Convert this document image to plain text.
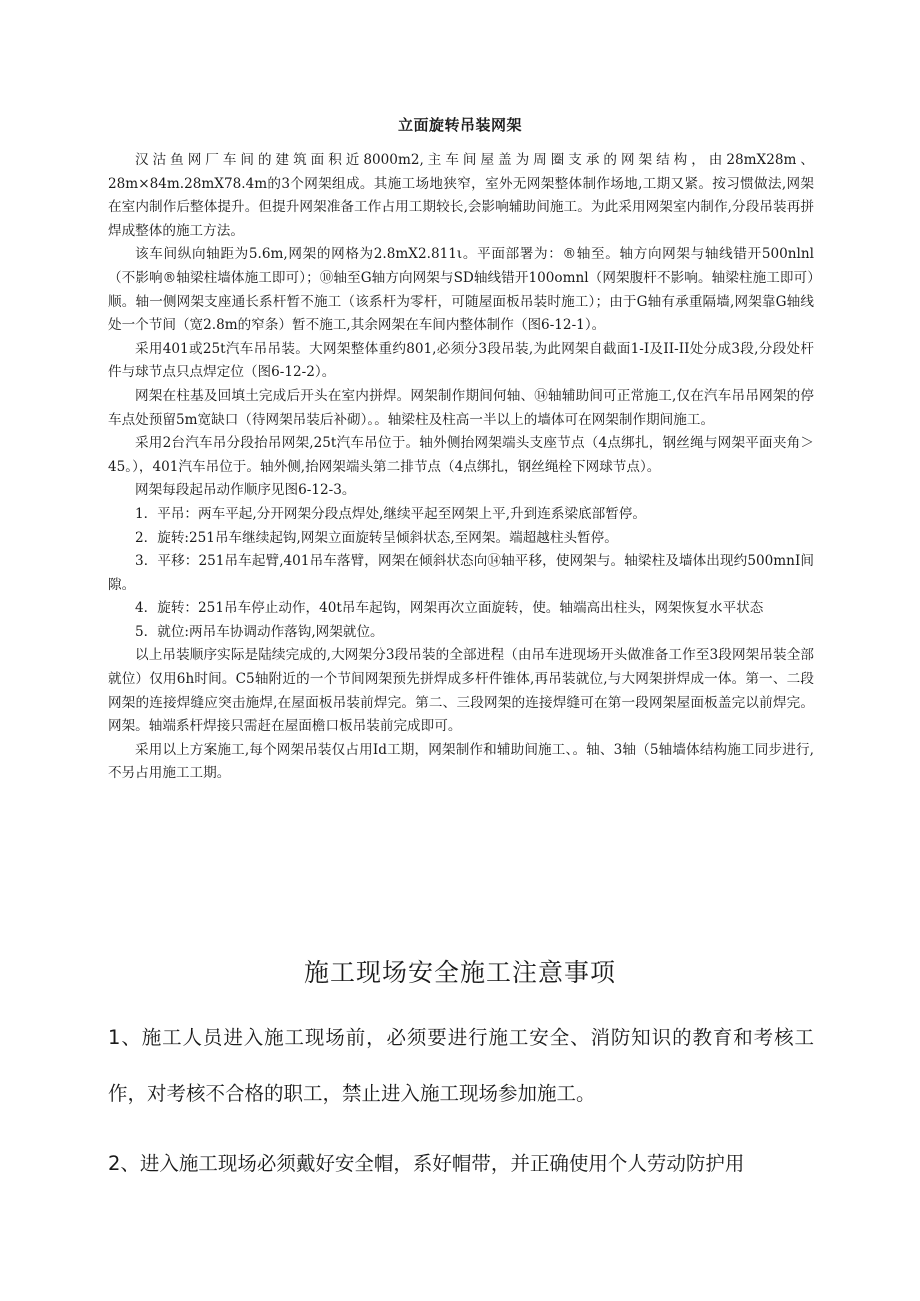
立面旋转吊装网架

汉沽鱼网厂车间的建筑面积近8000m2,主车间屋盖为周圈支承的网架结构，由28mX28m、28m×84m.28mX78.4m的3个网架组成。其施工场地狭窄，室外无网架整体制作场地,工期又紧。按习惯做法,网架在室内制作后整体提升。但提升网架准备工作占用工期较长,会影响辅助间施工。为此采用网架室内制作,分段吊装再拼焊成整体的施工方法。

该车间纵向轴距为5.6m,网架的网格为2.8mX2.811ι。平面部署为：®轴至。轴方向网架与轴线错开500nlnl（不影响®轴梁柱墙体施工即可）；⑩轴至G轴方向网架与SD轴线错开100omnl（网架腹杆不影响。轴梁柱施工即可）顺。轴一侧网架支座通长系杆暂不施工（该系杆为零杆，可随屋面板吊装时施工）；由于G轴有承重隔墙,网架靠G轴线处一个节间（宽2.8m的窄条）暂不施工,其余网架在车间内整体制作（图6-12-1）。

采用401或25t汽车吊吊装。大网架整体重约801,必须分3段吊装,为此网架自截面1-I及II-II处分成3段,分段处杆件与球节点只点焊定位（图6-12-2）。

网架在柱基及回填土完成后开头在室内拼焊。网架制作期间何轴、⑭轴辅助间可正常施工,仅在汽车吊吊网架的停车点处预留5m宽缺口（待网架吊装后补砌）。。轴梁柱及柱高一半以上的墙体可在网架制作期间施工。

采用2台汽车吊分段抬吊网架,25t汽车吊位于。轴外侧抬网架端头支座节点（4点绑扎，钢丝绳与网架平面夹角＞45。），401汽车吊位于。轴外侧,抬网架端头第二排节点（4点绑扎，钢丝绳栓下网球节点）。

网架每段起吊动作顺序见图6-12-3。

1．平吊：两车平起,分开网架分段点焊处,继续平起至网架上平,升到连系梁底部暂停。

2．旋转:251吊车继续起钩,网架立面旋转呈倾斜状态,至网架。端超越柱头暂停。

3．平移：251吊车起臂,401吊车落臂，网架在倾斜状态向⑭轴平移，使网架与。轴梁柱及墙体出现约500mnI间隙。

4．旋转：251吊车停止动作，40t吊车起钩，网架再次立面旋转，使。轴端高出柱头，网架恢复水平状态

5．就位:两吊车协调动作落钩,网架就位。

以上吊装顺序实际是陆续完成的,大网架分3段吊装的全部进程（由吊车进现场开头做准备工作至3段网架吊装全部就位）仅用6h时间。C5轴附近的一个节间网架预先拼焊成多杆件锥体,再吊装就位,与大网架拼焊成一体。第一、二段网架的连接焊缝应突击施焊,在屋面板吊装前焊完。第二、三段网架的连接焊缝可在第一段网架屋面板盖完以前焊完。网架。轴端系杆焊接只需赶在屋面檐口板吊装前完成即可。

采用以上方案施工,每个网架吊装仅占用Id工期，网架制作和辅助间施工、。轴、3轴（5轴墙体结构施工同步进行,不另占用施工工期。

施工现场安全施工注意事项

1、施工人员进入施工现场前，必须要进行施工安全、消防知识的教育和考核工作，对考核不合格的职工，禁止进入施工现场参加施工。

2、进入施工现场必须戴好安全帽，系好帽带，并正确使用个人劳动防护用
